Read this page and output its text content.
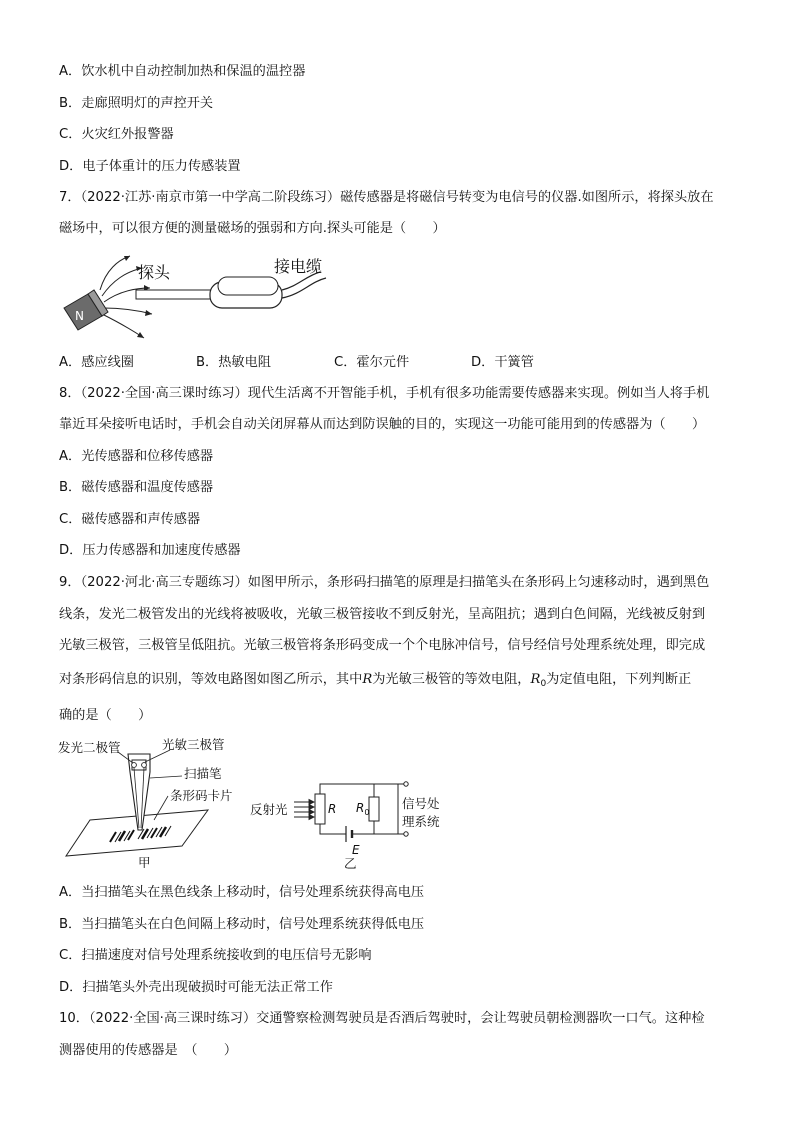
A．饮水机中自动控制加热和保温的温控器
B．走廊照明灯的声控开关
C．火灾红外报警器
D．电子体重计的压力传感装置
7．（2022·江苏·南京市第一中学高二阶段练习）磁传感器是将磁信号转变为电信号的仪器.如图所示，将探头放在
磁场中，可以很方便的测量磁场的强弱和方向.探头可能是（　　）
N
探头	接电缆
A．感应线圈	B．热敏电阻	C．霍尔元件	D．干簧管
8．（2022·全国·高三课时练习）现代生活离不开智能手机，手机有很多功能需要传感器来实现。例如当人将手机
靠近耳朵接听电话时，手机会自动关闭屏幕从而达到防误触的目的，实现这一功能可能用到的传感器为（　　）
A．光传感器和位移传感器
B．磁传感器和温度传感器
C．磁传感器和声传感器
D．压力传感器和加速度传感器
9．（2022·河北·高三专题练习）如图甲所示，条形码扫描笔的原理是扫描笔头在条形码上匀速移动时，遇到黑色
线条，发光二极管发出的光线将被吸收，光敏三极管接收不到反射光，呈高阻抗；遇到白色间隔，光线被反射到
光敏三极管，三极管呈低阻抗。光敏三极管将条形码变成一个个电脉冲信号，信号经信号处理系统处理，即完成
对条形码信息的识别，等效电路图如图乙所示，其中R为光敏三极管的等效电阻，$R_0$为定值电阻，下列判断正
确的是（　　）
发光二极管	光敏三极管
扫描笔
条形码卡片
甲
反射光	R $R_0$
E
信号处
理系统
乙
A．当扫描笔头在黑色线条上移动时，信号处理系统获得高电压
B．当扫描笔头在白色间隔上移动时，信号处理系统获得低电压
C．扫描速度对信号处理系统接收到的电压信号无影响
D．扫描笔头外壳出现破损时可能无法正常工作
10．（2022·全国·高三课时练习）交通警察检测驾驶员是否酒后驾驶时，会让驾驶员朝检测器吹一口气。这种检
测器使用的传感器是　（　　）
